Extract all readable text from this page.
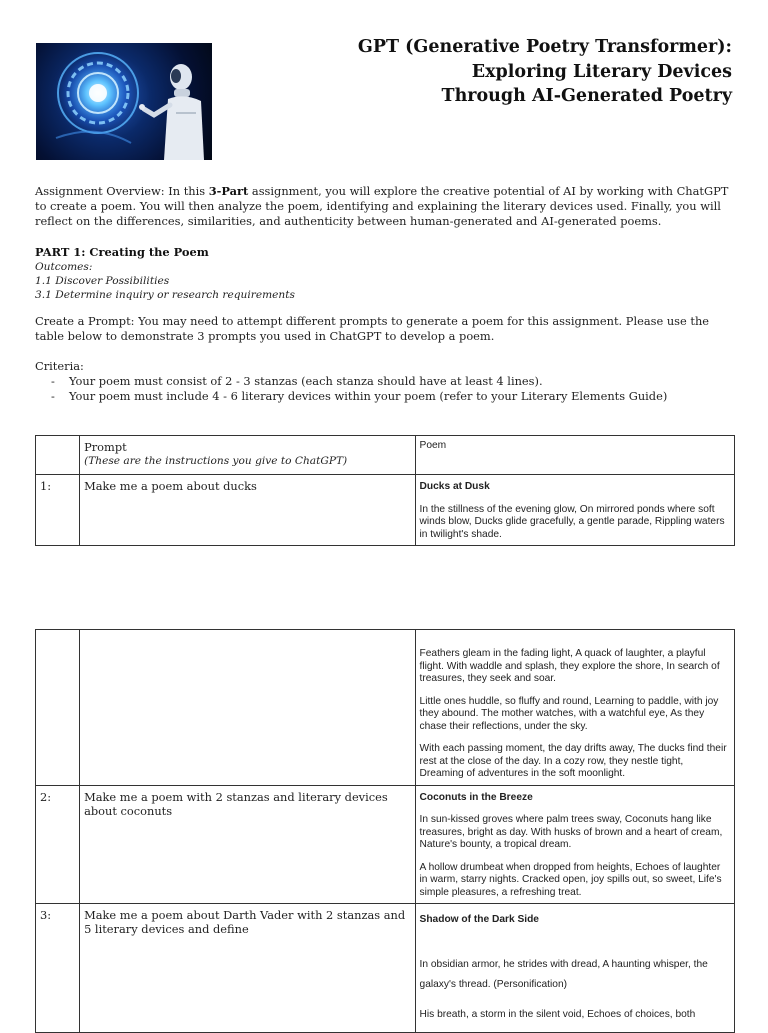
GPT (Generative Poetry Transformer):
Exploring Literary Devices
Through AI-Generated Poetry
Assignment Overview: In this 3-Part assignment, you will explore the creative potential of AI by working with ChatGPT to create a poem. You will then analyze the poem, identifying and explaining the literary devices used. Finally, you will reflect on the differences, similarities, and authenticity between human-generated and AI-generated poems.
PART 1: Creating the Poem
Outcomes:
1.1 Discover Possibilities
3.1 Determine inquiry or research requirements
Create a Prompt: You may need to attempt different prompts to generate a poem for this assignment. Please use the table below to demonstrate 3 prompts you used in ChatGPT to develop a poem.
Criteria:
- Your poem must consist of 2 - 3 stanzas (each stanza should have at least 4 lines).
- Your poem must include 4 - 6 literary devices within your poem (refer to your Literary Elements Guide)

	Prompt
(These are the instructions you give to ChatGPT)	Poem
1:	Make me a poem about ducks	Ducks at Dusk
In the stillness of the evening glow, On mirrored ponds where soft winds blow, Ducks glide gracefully, a gentle parade, Rippling waters in twilight's shade.

		Feathers gleam in the fading light, A quack of laughter, a playful flight. With waddle and splash, they explore the shore, In search of treasures, they seek and soar.
Little ones huddle, so fluffy and round, Learning to paddle, with joy they abound. The mother watches, with a watchful eye, As they chase their reflections, under the sky.
With each passing moment, the day drifts away, The ducks find their rest at the close of the day. In a cozy row, they nestle tight, Dreaming of adventures in the soft moonlight.

2:	Make me a poem with 2 stanzas and literary devices about coconuts	Coconuts in the Breeze
In sun-kissed groves where palm trees sway, Coconuts hang like treasures, bright as day. With husks of brown and a heart of cream, Nature's bounty, a tropical dream.
A hollow drumbeat when dropped from heights, Echoes of laughter in warm, starry nights. Cracked open, joy spills out, so sweet, Life's simple pleasures, a refreshing treat.

3:	Make me a poem about Darth Vader with 2 stanzas and 5 literary devices and define	Shadow of the Dark Side
In obsidian armor, he strides with dread, A haunting whisper, the galaxy's thread. (Personification)
His breath, a storm in the silent void, Echoes of choices, both
